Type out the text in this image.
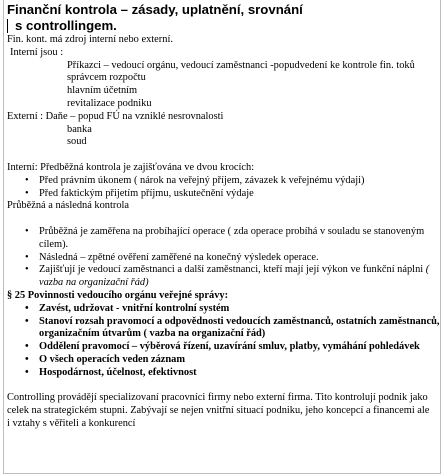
Finanční kontrola – zásady, uplatnění, srovnání
s controllingem.
Fin. kont. má zdroj interní nebo externí.
Interní jsou :
Příkazci – vedoucí orgánu, vedoucí zaměstnanci -popudvedení ke kontrole fin. toků
správcem rozpočtu
hlavním účetním
revitalizace podniku
Externí : Daňe – popud FÚ na vzniklé nesrovnalosti
banka
soud
Interní: Předběžná kontrola je zajišťována ve dvou krocích:
• Před právním úkonem ( nárok na veřejný příjem, závazek k veřejnému výdaji)
• Před faktickým přijetím příjmu, uskutečnění výdaje
Průběžná a následná kontrola
• Průběžná je zaměřena na probíhající operace ( zda operace probíhá v souladu se stanoveným cílem).
• Následná – zpětné ověření zaměřené na konečný výsledek operace.
• Zajišťují je vedoucí zaměstnanci a další zaměstnanci, kteří mají její výkon ve funkční náplni ( vazba na organizační řád)
§ 25 Povinnosti vedoucího orgánu veřejné správy:
• Zavést, udržovat - vnitřní kontrolní systém
• Stanoví rozsah pravomocí a odpovědnosti vedoucích zaměstnanců, ostatních zaměstnanců, organizačním útvarům ( vazba na organizační řád)
• Oddělení pravomocí – výběrová řízení, uzavírání smluv, platby, vymáhání pohledávek
• O všech operacích veden záznam
• Hospodárnost, účelnost, efektivnost
Controlling provádějí specializovaní pracovníci firmy nebo externí firma. Tito kontrolují podnik jako celek na strategickém stupni. Zabývají se nejen vnitřní situací podniku, jeho koncepcí a financemi ale i vztahy s věřiteli a konkurencí
